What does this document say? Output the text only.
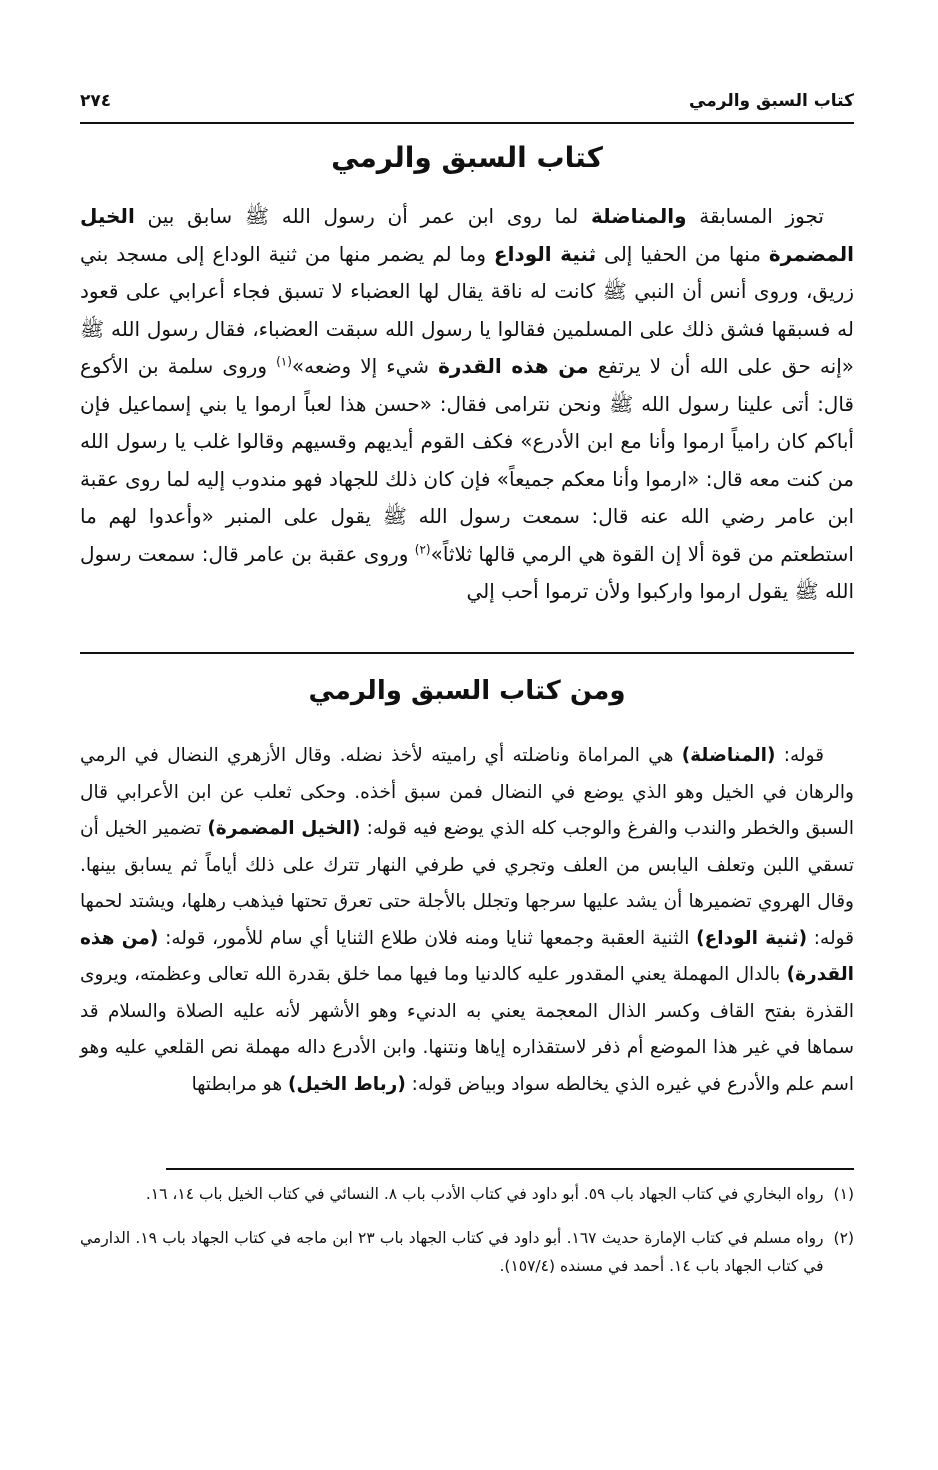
كتاب السبق والرمي
٢٧٤
كتاب السبق والرمي

تجوز المسابقة والمناضلة لما روى ابن عمر أن رسول الله ﷺ سابق بين الخيل المضمرة منها من الحفيا إلى ثنية الوداع وما لم يضمر منها من ثنية الوداع إلى مسجد بني زريق، وروى أنس أن النبي ﷺ كانت له ناقة يقال لها العضباء لا تسبق فجاء أعرابي على قعود له فسبقها فشق ذلك على المسلمين فقالوا يا رسول الله سبقت العضباء، فقال رسول الله ﷺ «إنه حق على الله أن لا يرتفع من هذه القدرة شيء إلا وضعه»$^{(١)}$ وروى سلمة بن الأكوع قال: أتى علينا رسول الله ﷺ ونحن نترامى فقال: «حسن هذا لعباً ارموا يا بني إسماعيل فإن أباكم كان رامياً ارموا وأنا مع ابن الأدرع» فكف القوم أيديهم وقسيهم وقالوا غلب يا رسول الله من كنت معه قال: «ارموا وأنا معكم جميعاً» فإن كان ذلك للجهاد فهو مندوب إليه لما روى عقبة ابن عامر رضي الله عنه قال: سمعت رسول الله ﷺ يقول على المنبر «وأعدوا لهم ما استطعتم من قوة ألا إن القوة هي الرمي قالها ثلاثاً»$^{(٢)}$ وروى عقبة بن عامر قال: سمعت رسول الله ﷺ يقول ارموا واركبوا ولأن ترموا أحب إلي

ومن كتاب السبق والرمي

قوله: (المناضلة) هي المراماة وناضلته أي راميته لأخذ نضله. وقال الأزهري النضال في الرمي والرهان في الخيل وهو الذي يوضع في النضال فمن سبق أخذه. وحكى ثعلب عن ابن الأعرابي قال السبق والخطر والندب والفرغ والوجب كله الذي يوضع فيه قوله: (الخيل المضمرة) تضمير الخيل أن تسقي اللبن وتعلف اليابس من العلف وتجري في طرفي النهار تترك على ذلك أياماً ثم يسابق بينها. وقال الهروي تضميرها أن يشد عليها سرجها وتجلل بالأجلة حتى تعرق تحتها فيذهب رهلها، ويشتد لحمها قوله: (ثنية الوداع) الثنية العقبة وجمعها ثنايا ومنه فلان طلاع الثنايا أي سام للأمور، قوله: (من هذه القدرة) بالدال المهملة يعني المقدور عليه كالدنيا وما فيها مما خلق بقدرة الله تعالى وعظمته، ويروى القذرة بفتح القاف وكسر الذال المعجمة يعني به الدنيء وهو الأشهر لأنه عليه الصلاة والسلام قد سماها في غير هذا الموضع أم ذفر لاستقذاره إياها ونتنها. وابن الأدرع داله مهملة نص القلعي عليه وهو اسم علم والأدرع في غيره الذي يخالطه سواد وبياض قوله: (رباط الخيل) هو مرابطتها

(١)
رواه البخاري في كتاب الجهاد باب ٥٩. أبو داود في كتاب الأدب باب ٨. النسائي في كتاب الخيل باب ١٤، ١٦.
(٢)
رواه مسلم في كتاب الإمارة حديث ١٦٧. أبو داود في كتاب الجهاد باب ٢٣ ابن ماجه في كتاب الجهاد باب ١٩. الدارمي في كتاب الجهاد باب ١٤. أحمد في مسنده (١٥٧/٤).
